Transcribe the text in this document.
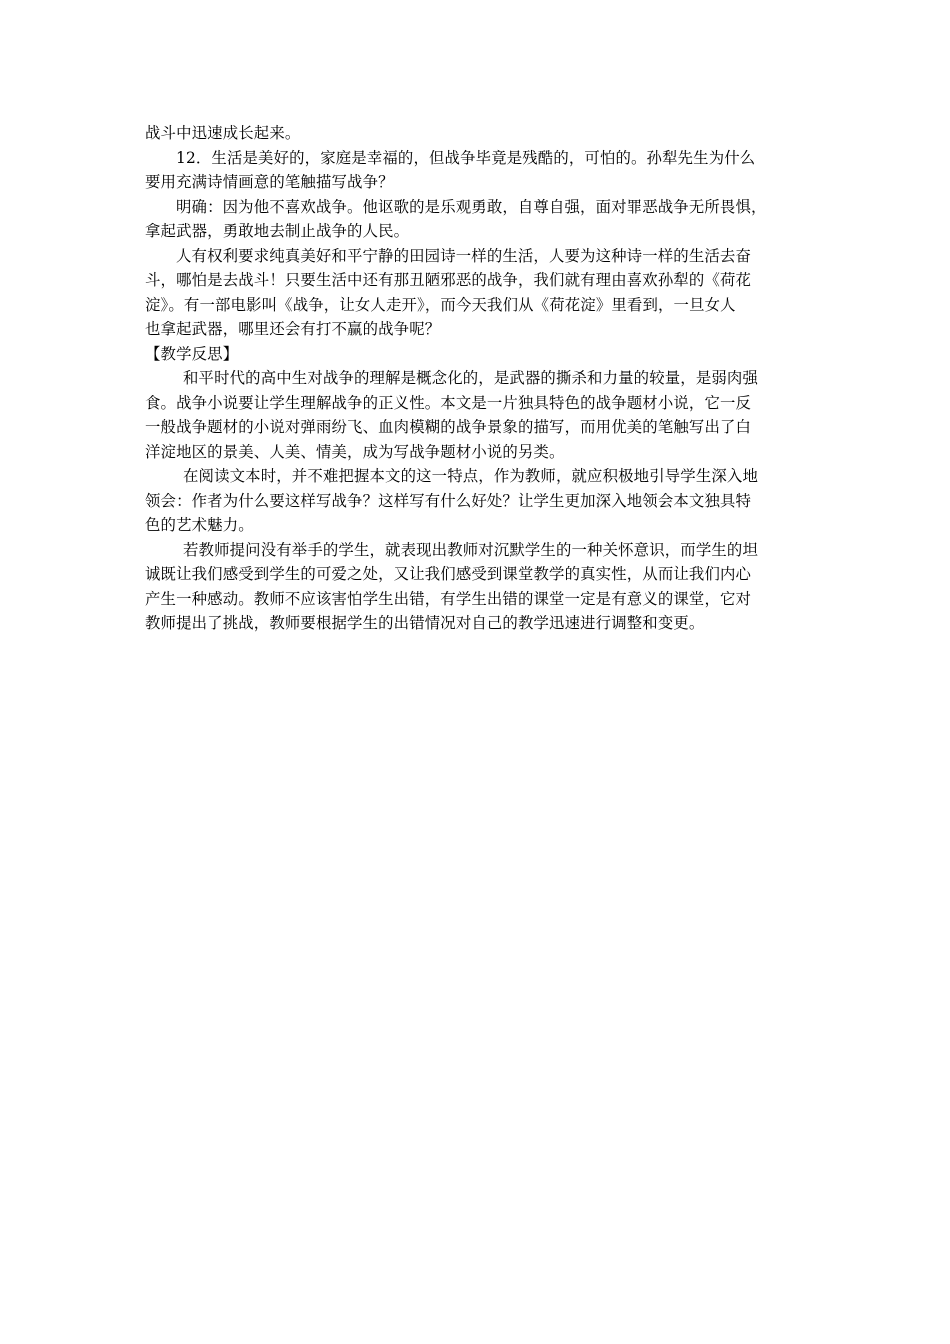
战斗中迅速成长起来。
12．生活是美好的，家庭是幸福的，但战争毕竟是残酷的，可怕的。孙犁先生为什么
要用充满诗情画意的笔触描写战争？
明确：因为他不喜欢战争。他讴歌的是乐观勇敢，自尊自强，面对罪恶战争无所畏惧，
拿起武器，勇敢地去制止战争的人民。
人有权利要求纯真美好和平宁静的田园诗一样的生活，人要为这种诗一样的生活去奋
斗，哪怕是去战斗！只要生活中还有那丑陋邪恶的战争，我们就有理由喜欢孙犁的《荷花
淀》。有一部电影叫《战争，让女人走开》，而今天我们从《荷花淀》里看到，一旦女人
也拿起武器，哪里还会有打不赢的战争呢？
【教学反思】
和平时代的高中生对战争的理解是概念化的，是武器的撕杀和力量的较量，是弱肉强
食。战争小说要让学生理解战争的正义性。本文是一片独具特色的战争题材小说，它一反
一般战争题材的小说对弹雨纷飞、血肉模糊的战争景象的描写，而用优美的笔触写出了白
洋淀地区的景美、人美、情美，成为写战争题材小说的另类。
在阅读文本时，并不难把握本文的这一特点，作为教师，就应积极地引导学生深入地
领会：作者为什么要这样写战争？这样写有什么好处？让学生更加深入地领会本文独具特
色的艺术魅力。
若教师提问没有举手的学生，就表现出教师对沉默学生的一种关怀意识，而学生的坦
诚既让我们感受到学生的可爱之处，又让我们感受到课堂教学的真实性，从而让我们内心
产生一种感动。教师不应该害怕学生出错，有学生出错的课堂一定是有意义的课堂，它对
教师提出了挑战，教师要根据学生的出错情况对自己的教学迅速进行调整和变更。
